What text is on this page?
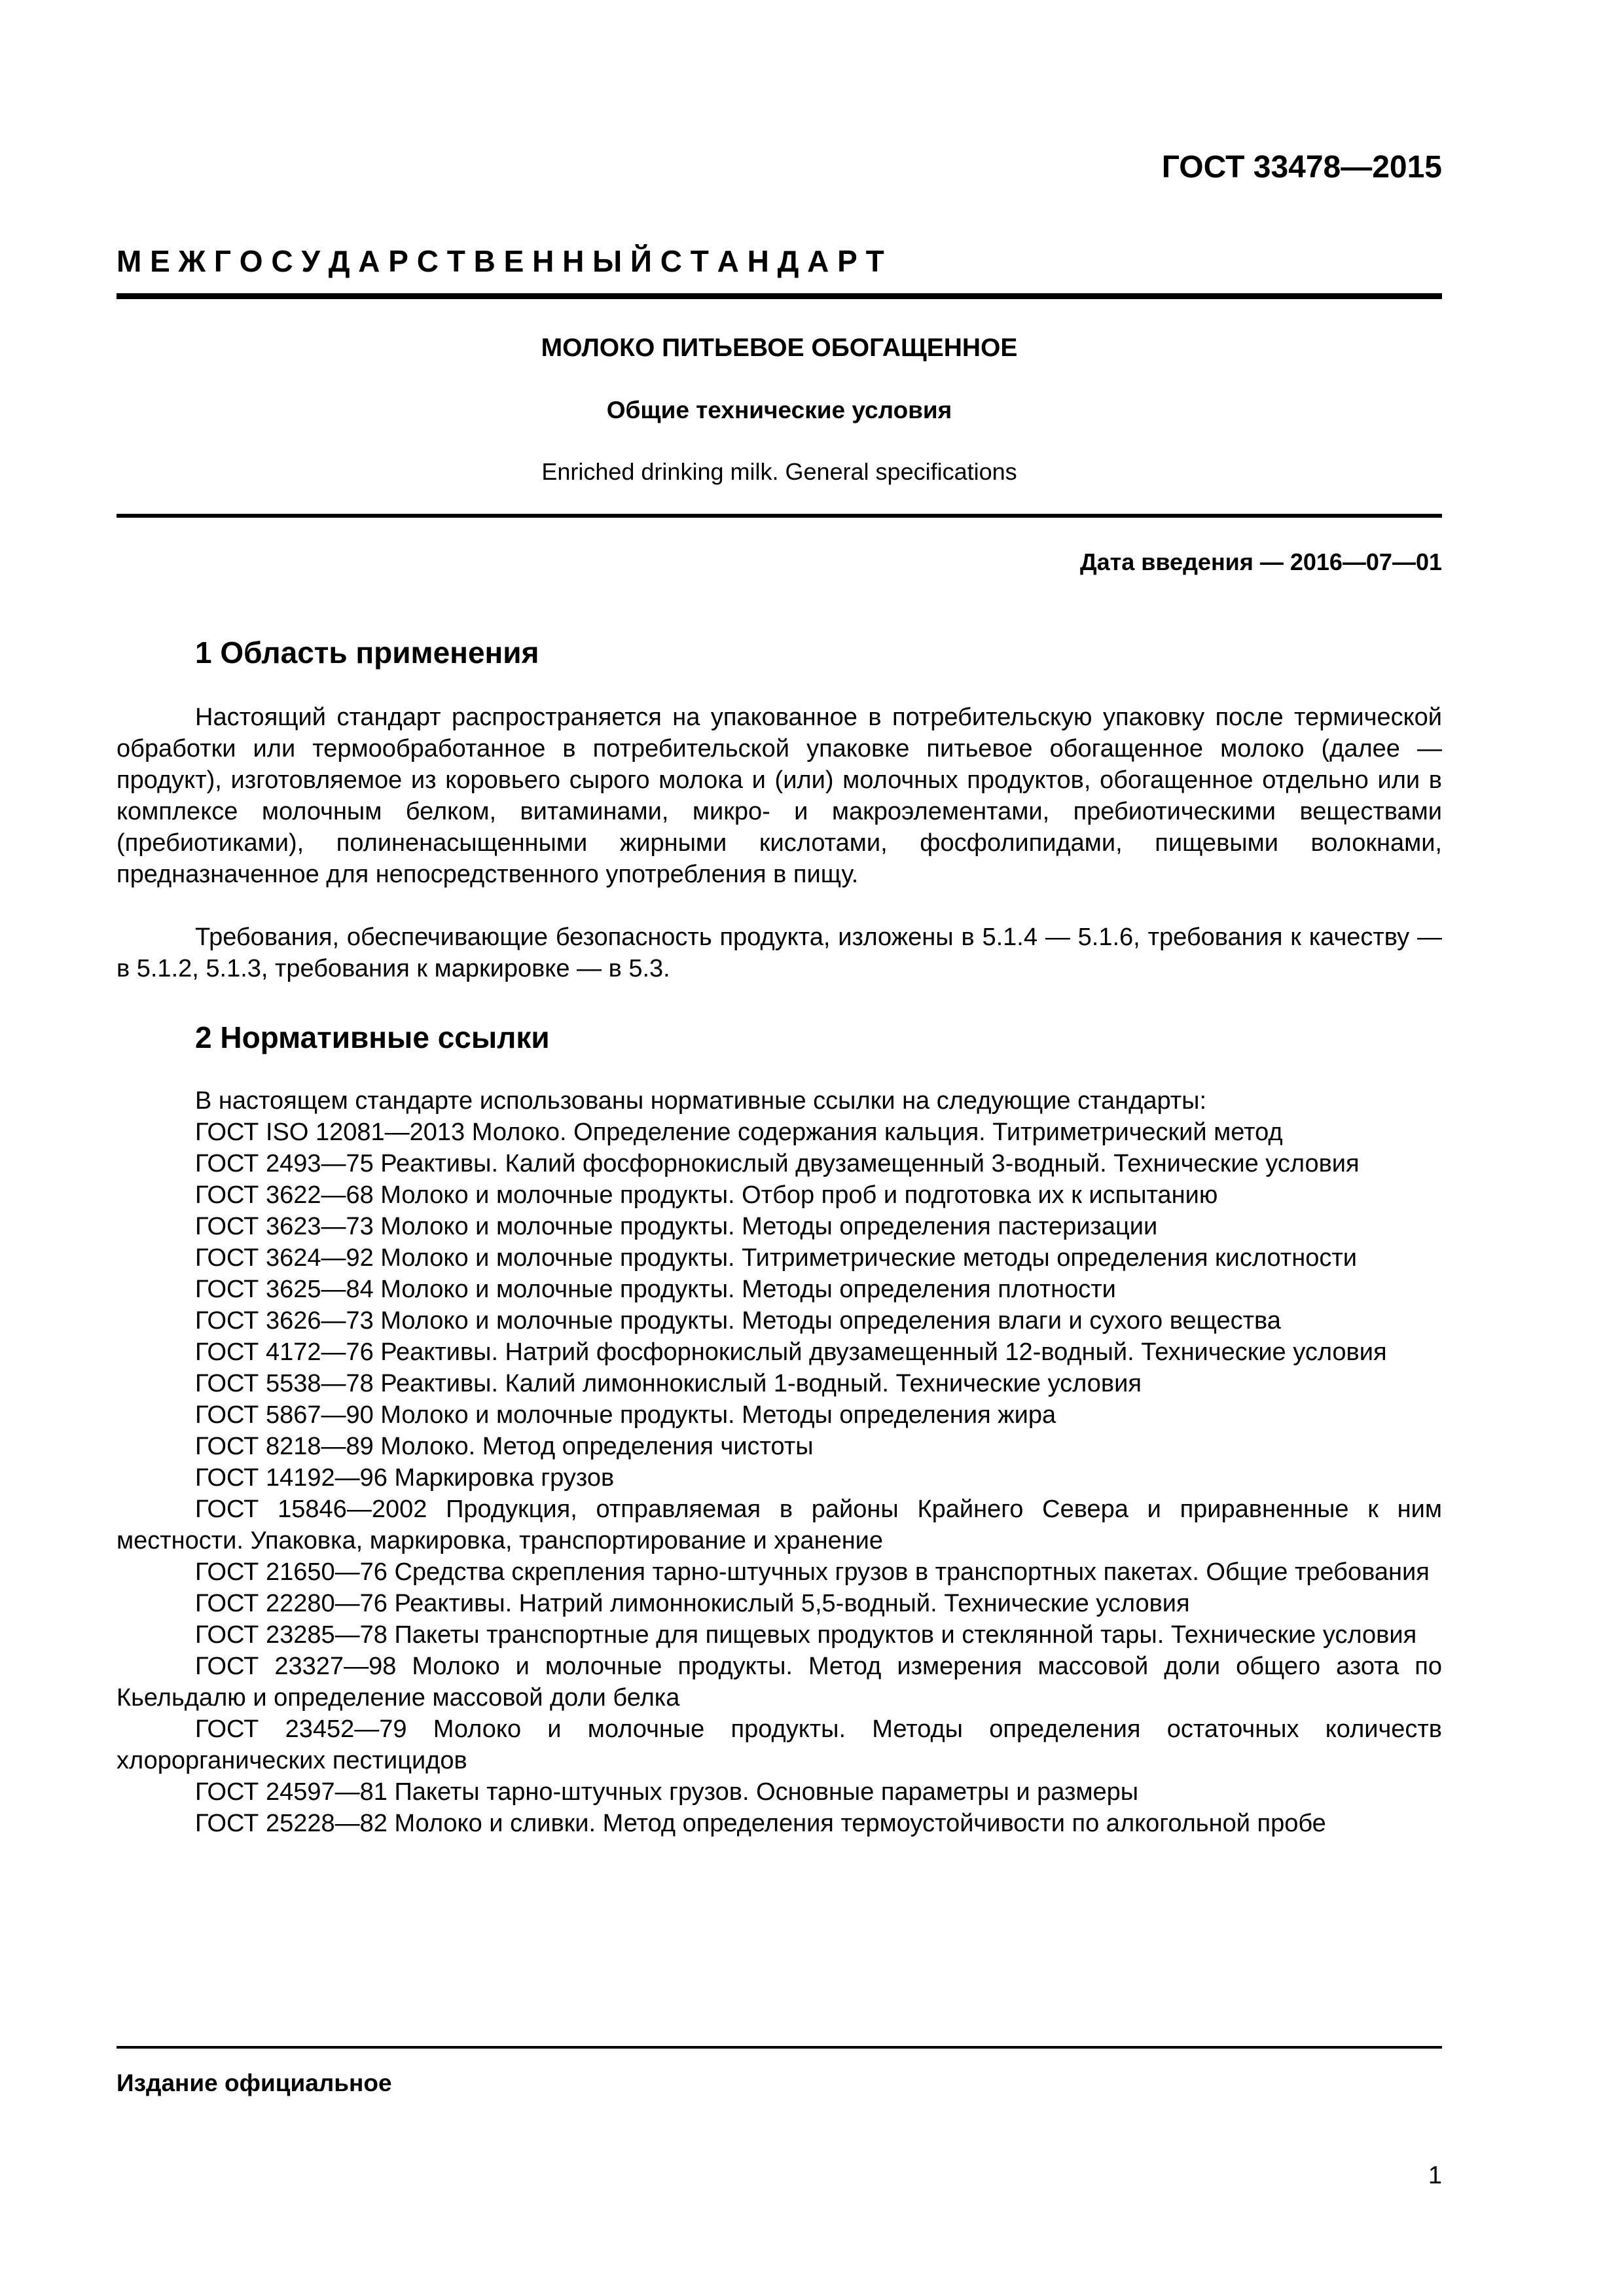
ГОСТ 33478—2015
М Е Ж Г О С У Д А Р С Т В Е Н Н Ы Й С Т А Н Д А Р Т
МОЛОКО ПИТЬЕВОЕ ОБОГАЩЕННОЕ
Общие технические условия
Enriched drinking milk. General specifications
Дата введения — 2016—07—01
1 Область применения
Настоящий стандарт распространяется на упакованное в потребительскую упаковку после термической обработки или термообработанное в потребительской упаковке питьевое обогащенное молоко (далее — продукт), изготовляемое из коровьего сырого молока и (или) молочных продуктов, обогащенное отдельно или в комплексе молочным белком, витаминами, микро- и макроэлементами, пребиотическими веществами (пребиотиками), полиненасыщенными жирными кислотами, фосфолипидами, пищевыми волокнами, предназначенное для непосредственного употребления в пищу.
Требования, обеспечивающие безопасность продукта, изложены в 5.1.4 — 5.1.6, требования к качеству — в 5.1.2, 5.1.3, требования к маркировке — в 5.3.
2 Нормативные ссылки
В настоящем стандарте использованы нормативные ссылки на следующие стандарты:
ГОСТ ISO 12081—2013 Молоко. Определение содержания кальция. Титриметрический метод
ГОСТ 2493—75 Реактивы. Калий фосфорнокислый двузамещенный 3-водный. Технические условия
ГОСТ 3622—68 Молоко и молочные продукты. Отбор проб и подготовка их к испытанию
ГОСТ 3623—73 Молоко и молочные продукты. Методы определения пастеризации
ГОСТ 3624—92 Молоко и молочные продукты. Титриметрические методы определения кислотности
ГОСТ 3625—84 Молоко и молочные продукты. Методы определения плотности
ГОСТ 3626—73 Молоко и молочные продукты. Методы определения влаги и сухого вещества
ГОСТ 4172—76 Реактивы. Натрий фосфорнокислый двузамещенный 12-водный. Технические условия
ГОСТ 5538—78 Реактивы. Калий лимоннокислый 1-водный. Технические условия
ГОСТ 5867—90 Молоко и молочные продукты. Методы определения жира
ГОСТ 8218—89 Молоко. Метод определения чистоты
ГОСТ 14192—96 Маркировка грузов
ГОСТ 15846—2002 Продукция, отправляемая в районы Крайнего Севера и приравненные к ним местности. Упаковка, маркировка, транспортирование и хранение
ГОСТ 21650—76 Средства скрепления тарно-штучных грузов в транспортных пакетах. Общие требования
ГОСТ 22280—76 Реактивы. Натрий лимоннокислый 5,5-водный. Технические условия
ГОСТ 23285—78 Пакеты транспортные для пищевых продуктов и стеклянной тары. Технические условия
ГОСТ 23327—98 Молоко и молочные продукты. Метод измерения массовой доли общего азота по Кьельдалю и определение массовой доли белка
ГОСТ 23452—79 Молоко и молочные продукты. Методы определения остаточных количеств хлорорганических пестицидов
ГОСТ 24597—81 Пакеты тарно-штучных грузов. Основные параметры и размеры
ГОСТ 25228—82 Молоко и сливки. Метод определения термоустойчивости по алкогольной пробе
Издание официальное
1
